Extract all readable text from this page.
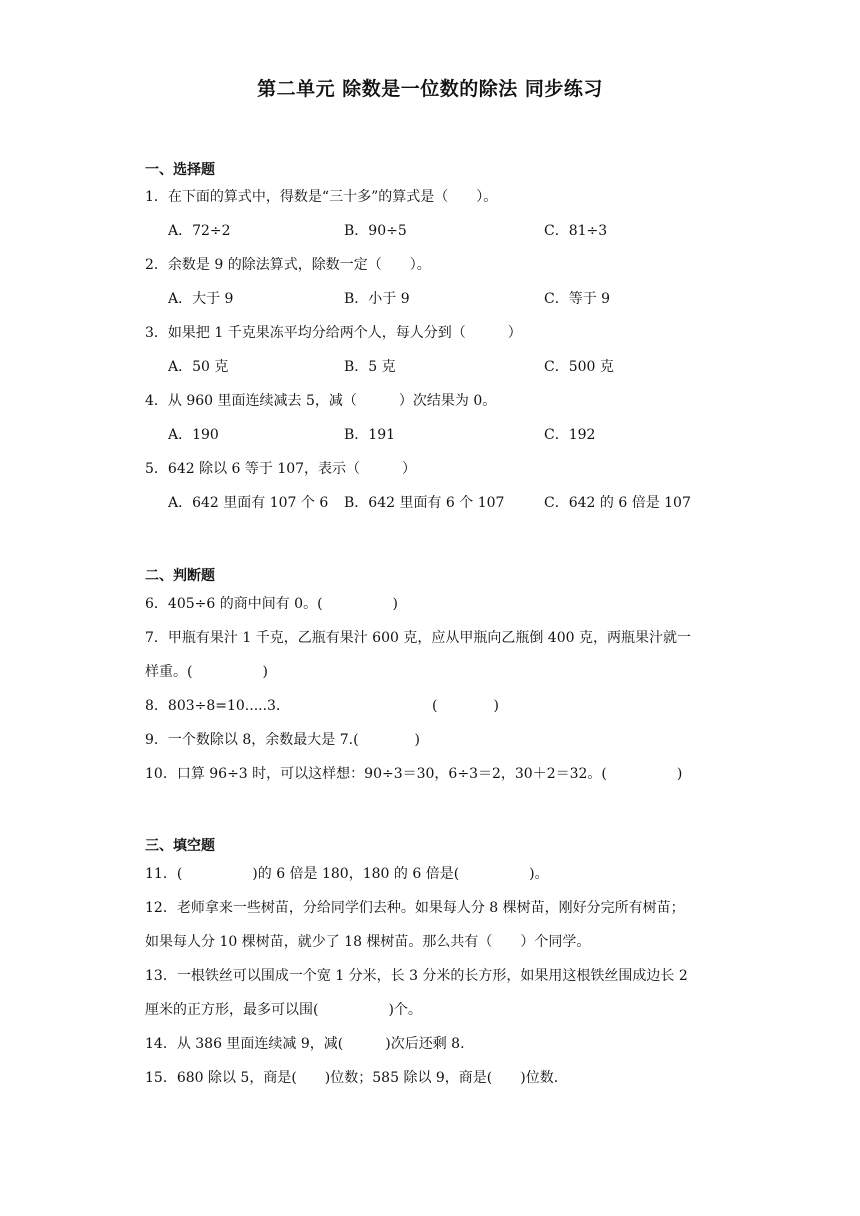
第二单元 除数是一位数的除法 同步练习
一、选择题
1．在下面的算式中，得数是“三十多”的算式是（　　）。
A．72÷2	B．90÷5	C．81÷3
2．余数是 9 的除法算式，除数一定（　　）。
A．大于 9	B．小于 9	C．等于 9
3．如果把 1 千克果冻平均分给两个人，每人分到（　　　）
A．50 克	B．5 克	C．500 克
4．从 960 里面连续减去 5，减（　　　）次结果为 0。
A．190	B．191	C．192
5．642 除以 6 等于 107，表示（　　　）
A．642 里面有 107 个 6 B．642 里面有 6 个 107	C．642 的 6 倍是 107
二、判断题
6．405÷6 的商中间有 0。(　　　　　)
7．甲瓶有果汁 1 千克，乙瓶有果汁 600 克，应从甲瓶向乙瓶倒 400 克，两瓶果汁就一
样重。(　　　　　)
8．803÷8=10.....3．	(　　　　)
9．一个数除以 8，余数最大是 7.(　　　　)
10．口算 96÷3 时，可以这样想：90÷3＝30，6÷3＝2，30＋2＝32。(　　　　　)
三、填空题
11．(　　　　　)的 6 倍是 180，180 的 6 倍是(　　　　　)。
12．老师拿来一些树苗，分给同学们去种。如果每人分 8 棵树苗，刚好分完所有树苗；
如果每人分 10 棵树苗，就少了 18 棵树苗。那么共有（　　）个同学。
13．一根铁丝可以围成一个宽 1 分米，长 3 分米的长方形，如果用这根铁丝围成边长 2
厘米的正方形，最多可以围(　　　　　)个。
14．从 386 里面连续减 9，减(　　　)次后还剩 8.
15．680 除以 5，商是(　　)位数；585 除以 9，商是(　　)位数．
